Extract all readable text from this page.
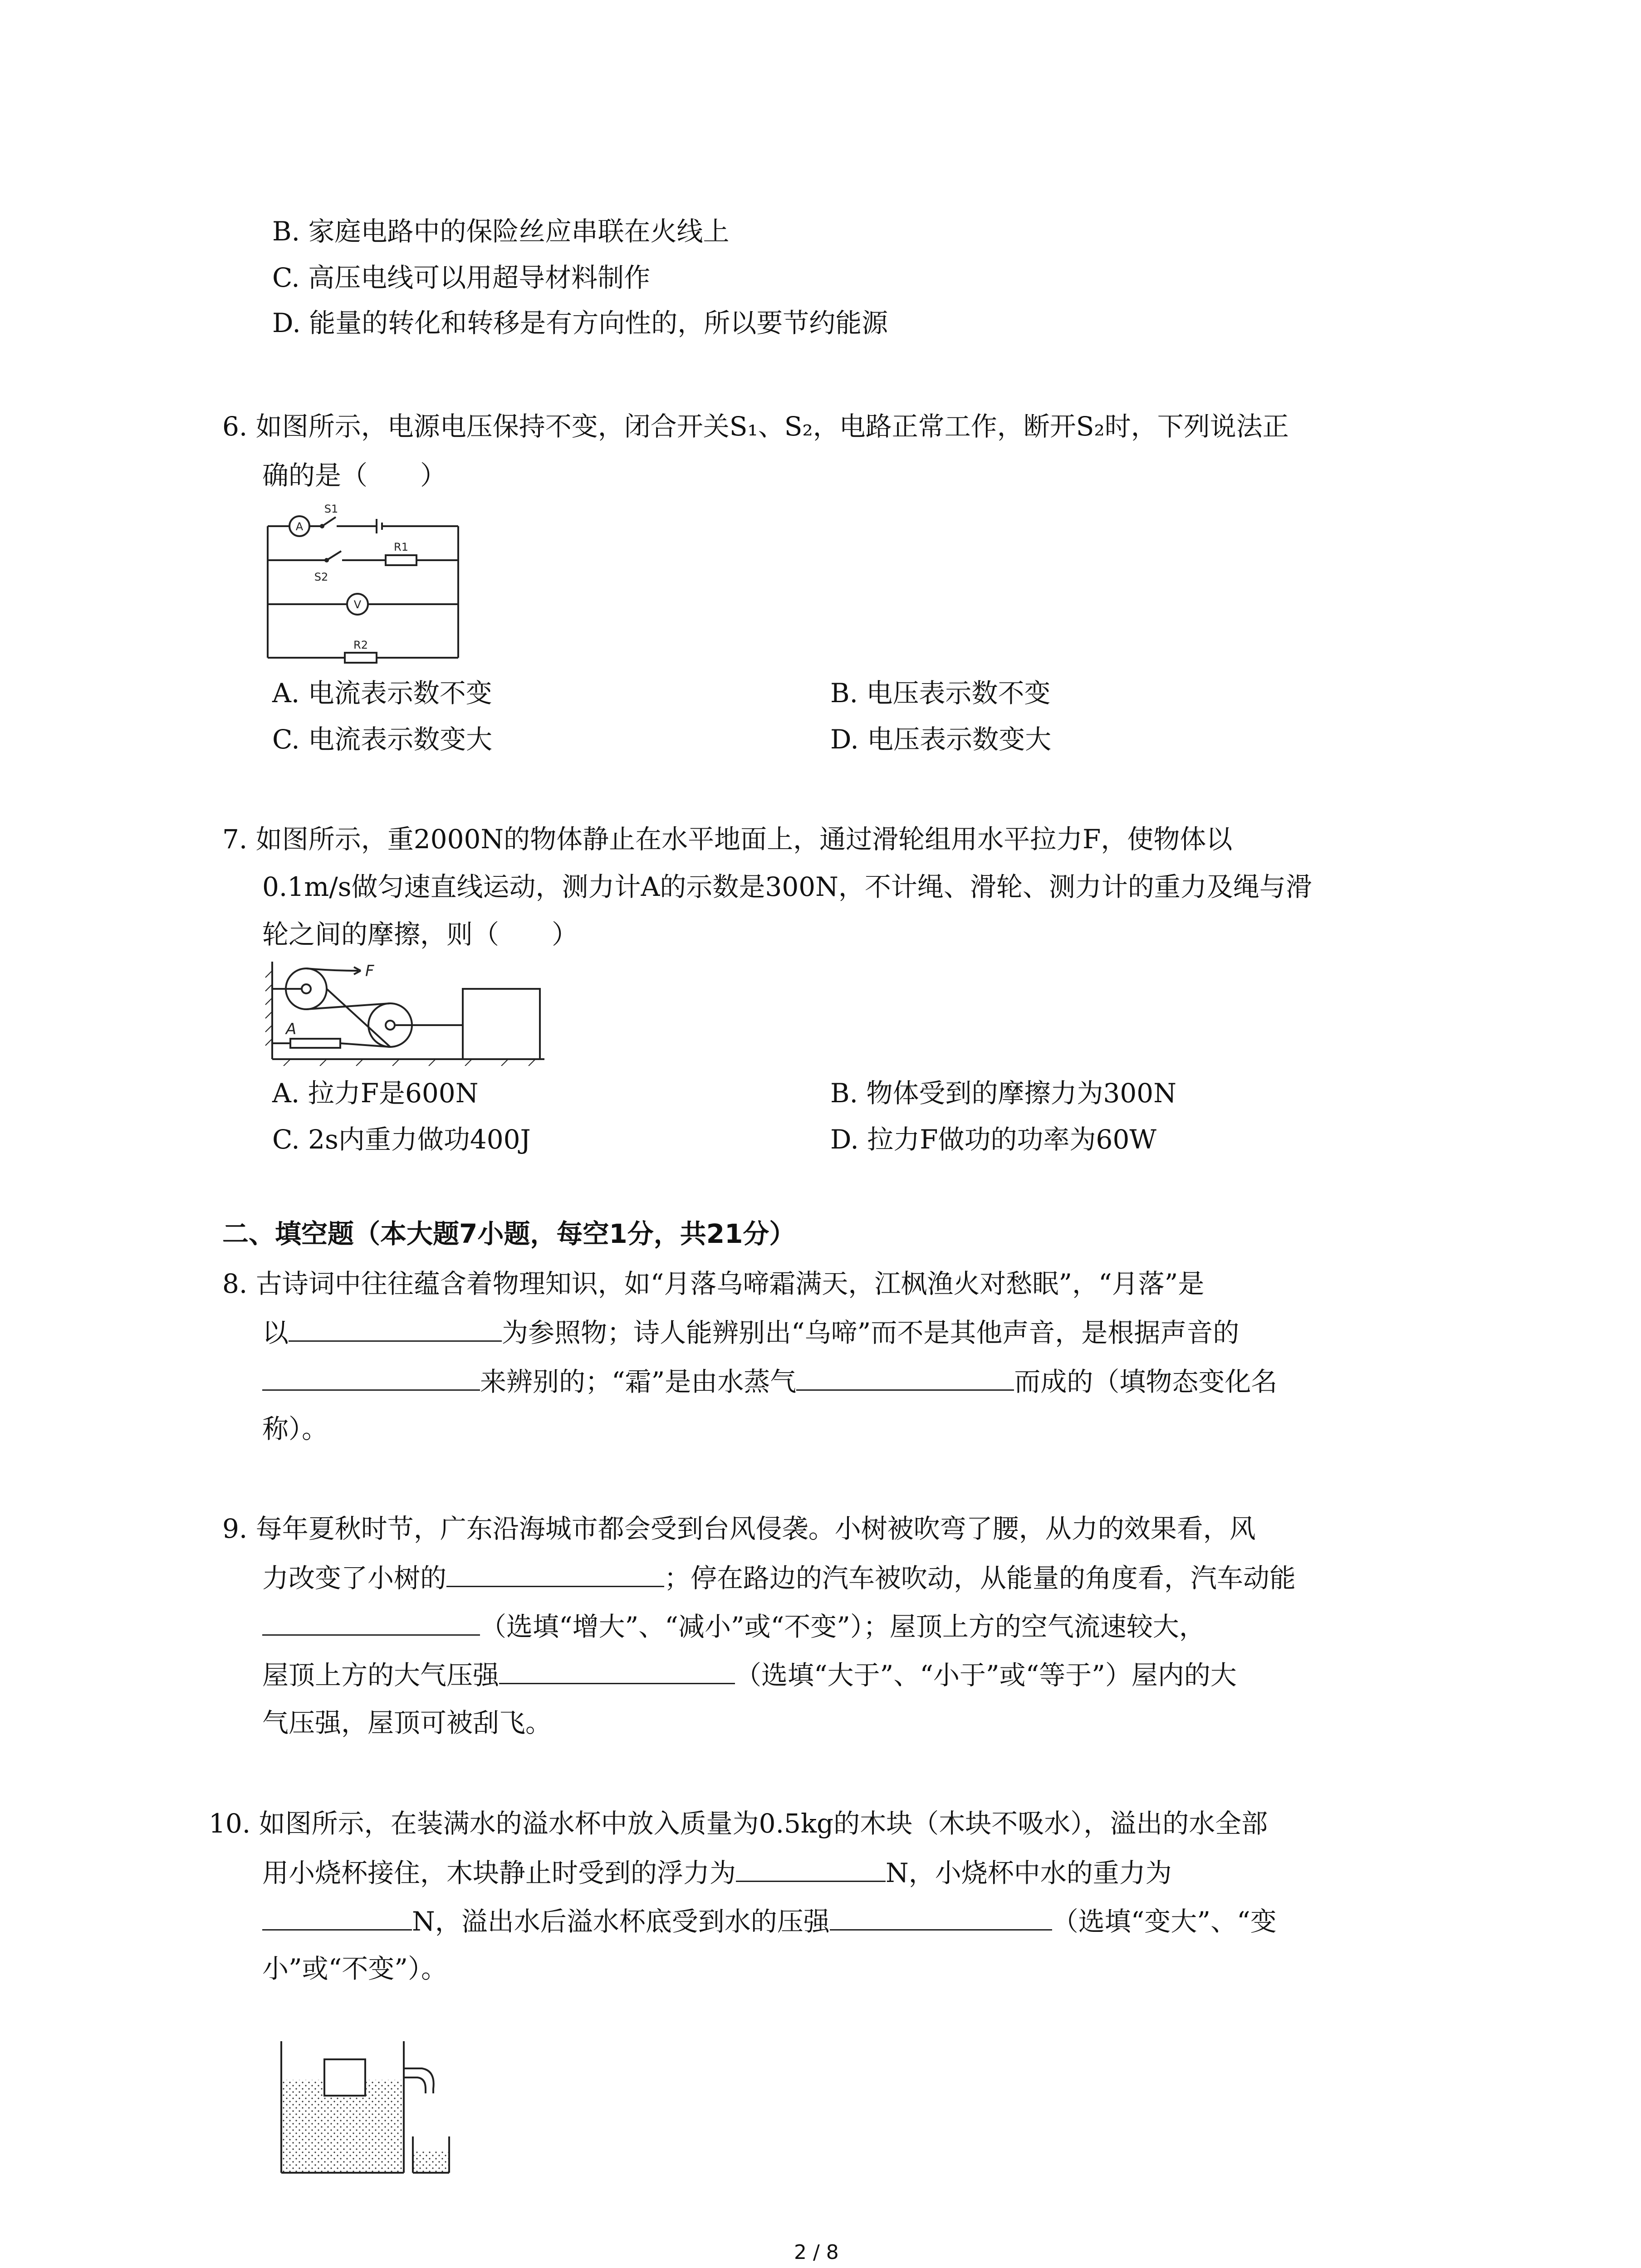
B. 家庭电路中的保险丝应串联在火线上
C. 高压电线可以用超导材料制作
D. 能量的转化和转移是有方向性的，所以要节约能源
6. 如图所示，电源电压保持不变，闭合开关S₁、S₂，电路正常工作，断开S₂时，下列说法正
确的是（　　）
A
V
S1
S2
R1
R2
A. 电流表示数不变	B. 电压表示数不变
C. 电流表示数变大	D. 电压表示数变大
7. 如图所示，重2000N的物体静止在水平地面上，通过滑轮组用水平拉力F，使物体以
0.1m/s做匀速直线运动，测力计A的示数是300N，不计绳、滑轮、测力计的重力及绳与滑
轮之间的摩擦，则（　　）
F
A
A. 拉力F是600N	B. 物体受到的摩擦力为300N
C. 2s内重力做功400J	D. 拉力F做功的功率为60W
二、填空题（本大题7小题，每空1分，共21分）
8. 古诗词中往往蕴含着物理知识，如“月落乌啼霜满天，江枫渔火对愁眠”，“月落”是
以	为参照物；诗人能辨别出“乌啼”而不是其他声音，是根据声音的
来辨别的；“霜”是由水蒸气	而成的（填物态变化名
称）。
9. 每年夏秋时节，广东沿海城市都会受到台风侵袭。小树被吹弯了腰，从力的效果看，风
力改变了小树的	；停在路边的汽车被吹动，从能量的角度看，汽车动能
（选填“增大”、“减小”或“不变”）；屋顶上方的空气流速较大，
屋顶上方的大气压强	（选填“大于”、“小于”或“等于”）屋内的大
气压强，屋顶可被刮飞。
10. 如图所示，在装满水的溢水杯中放入质量为0.5kg的木块（木块不吸水），溢出的水全部
用小烧杯接住，木块静止时受到的浮力为	N，小烧杯中水的重力为
N，溢出水后溢水杯底受到水的压强	（选填“变大”、“变
小”或“不变”）。
2 / 8
